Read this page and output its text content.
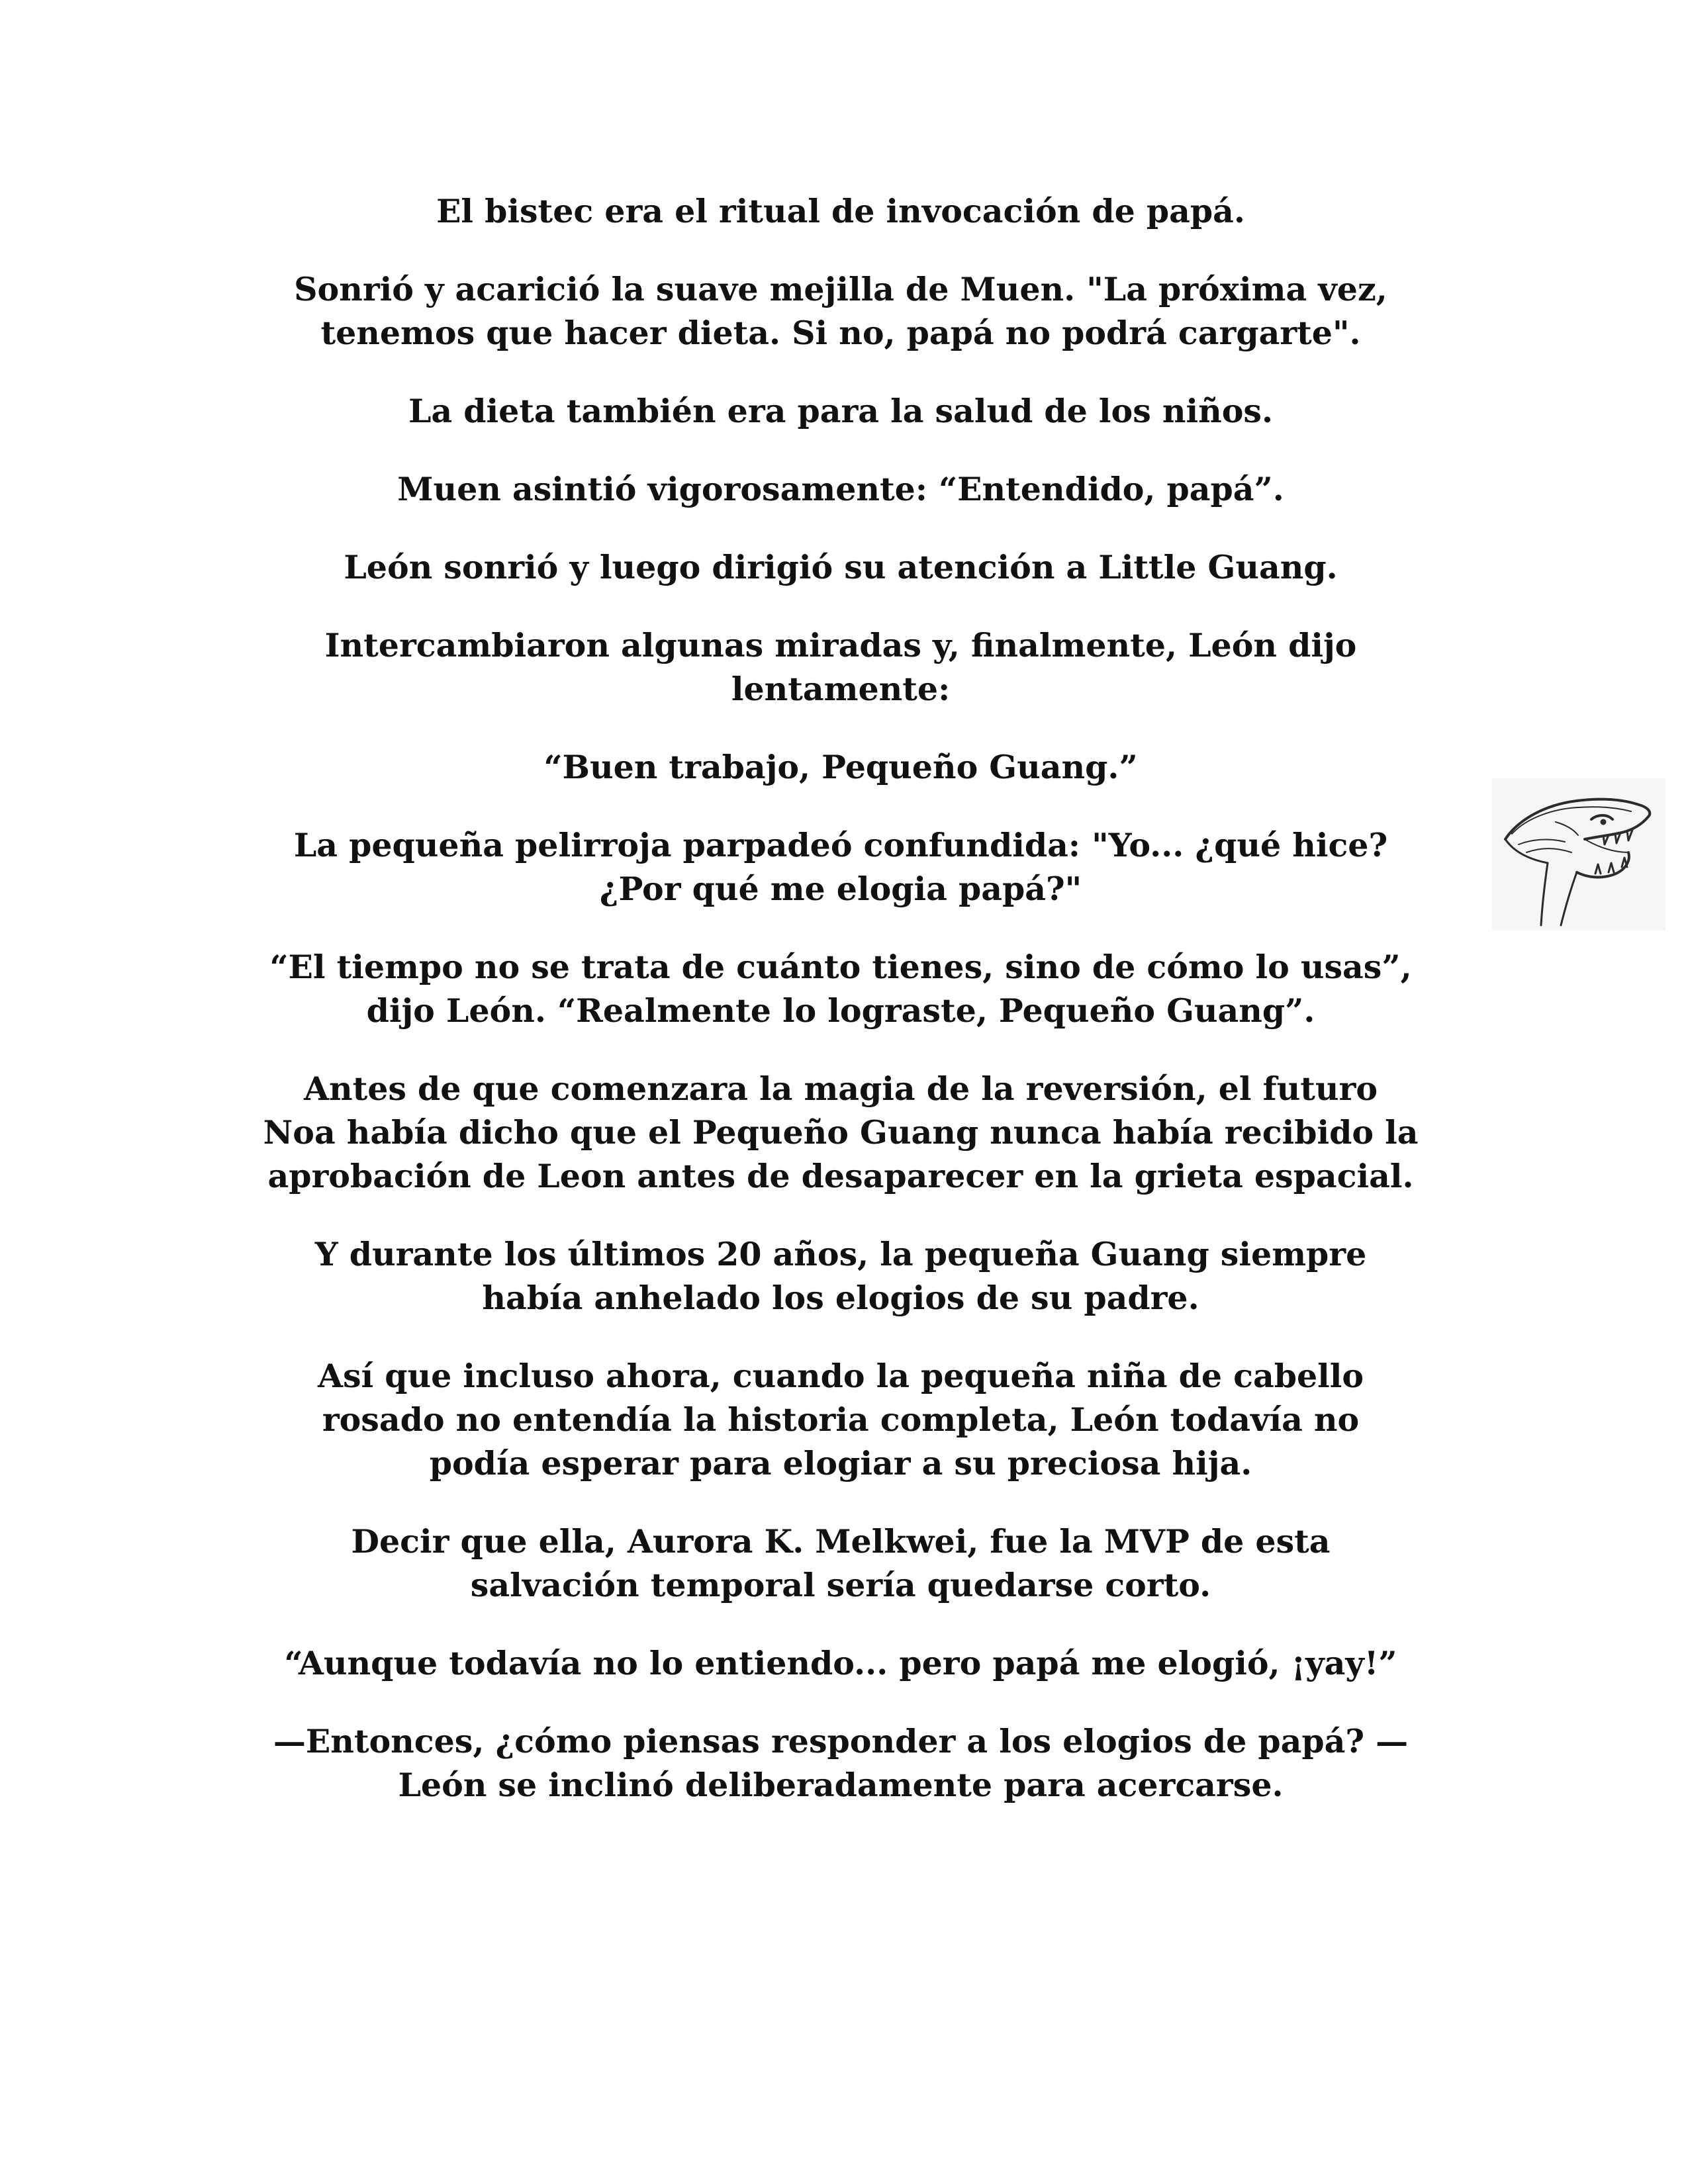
El bistec era el ritual de invocación de papá.

Sonrió y acarició la suave mejilla de Muen. "La próxima vez,
tenemos que hacer dieta. Si no, papá no podrá cargarte".

La dieta también era para la salud de los niños.

Muen asintió vigorosamente: “Entendido, papá”.

León sonrió y luego dirigió su atención a Little Guang.

Intercambiaron algunas miradas y, finalmente, León dijo
lentamente:

“Buen trabajo, Pequeño Guang.”

La pequeña pelirroja parpadeó confundida: "Yo... ¿qué hice?
¿Por qué me elogia papá?"

“El tiempo no se trata de cuánto tienes, sino de cómo lo usas”,
dijo León. “Realmente lo lograste, Pequeño Guang”.

Antes de que comenzara la magia de la reversión, el futuro
Noa había dicho que el Pequeño Guang nunca había recibido la
aprobación de Leon antes de desaparecer en la grieta espacial.

Y durante los últimos 20 años, la pequeña Guang siempre
había anhelado los elogios de su padre.

Así que incluso ahora, cuando la pequeña niña de cabello
rosado no entendía la historia completa, León todavía no
podía esperar para elogiar a su preciosa hija.

Decir que ella, Aurora K. Melkwei, fue la MVP de esta
salvación temporal sería quedarse corto.

“Aunque todavía no lo entiendo... pero papá me elogió, ¡yay!”

—Entonces, ¿cómo piensas responder a los elogios de papá? —
León se inclinó deliberadamente para acercarse.
